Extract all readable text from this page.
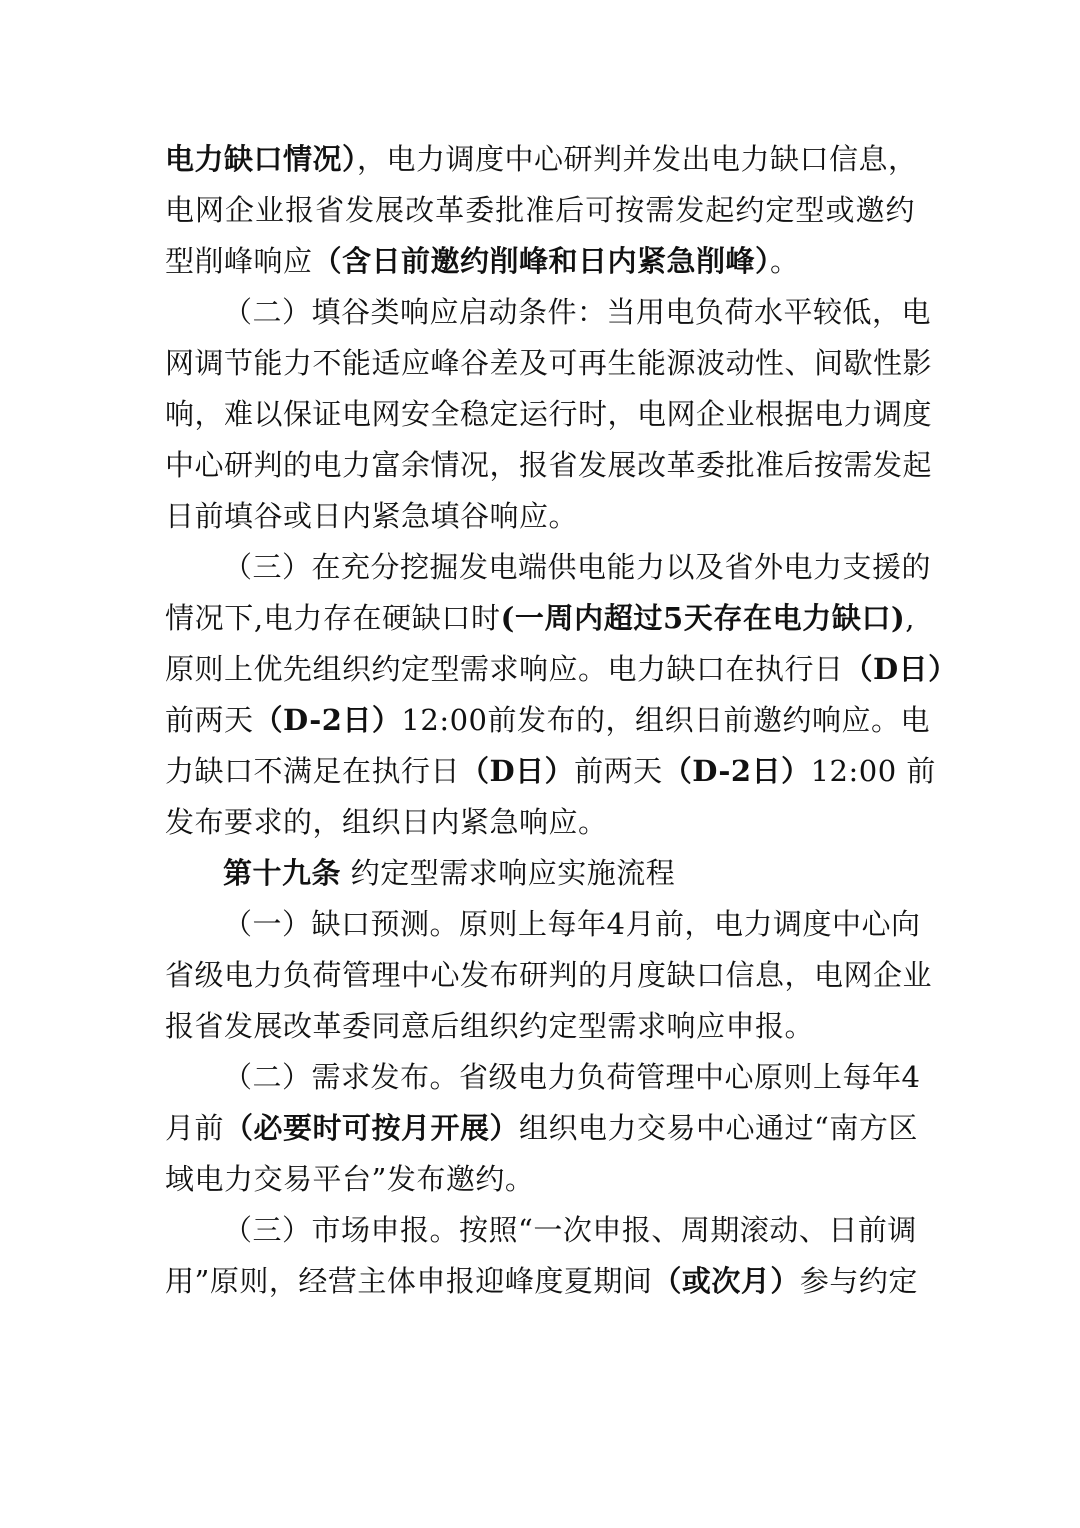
电力缺口情况），电力调度中心研判并发出电力缺口信息，
电网企业报省发展改革委批准后可按需发起约定型或邀约
型削峰响应（含日前邀约削峰和日内紧急削峰）。
（二）填谷类响应启动条件：当用电负荷水平较低，电
网调节能力不能适应峰谷差及可再生能源波动性、间歇性影
响，难以保证电网安全稳定运行时，电网企业根据电力调度
中心研判的电力富余情况，报省发展改革委批准后按需发起
日前填谷或日内紧急填谷响应。
（三）在充分挖掘发电端供电能力以及省外电力支援的
情况下,电力存在硬缺口时(一周内超过5天存在电力缺口),
原则上优先组织约定型需求响应。电力缺口在执行日（D日）
前两天（D-2日）12:00前发布的，组织日前邀约响应。电
力缺口不满足在执行日（D日）前两天（D-2日）12:00 前
发布要求的，组织日内紧急响应。
第十九条 约定型需求响应实施流程
（一）缺口预测。原则上每年4月前，电力调度中心向
省级电力负荷管理中心发布研判的月度缺口信息，电网企业
报省发展改革委同意后组织约定型需求响应申报。
（二）需求发布。省级电力负荷管理中心原则上每年4
月前（必要时可按月开展）组织电力交易中心通过“南方区
域电力交易平台”发布邀约。
（三）市场申报。按照“一次申报、周期滚动、日前调
用”原则，经营主体申报迎峰度夏期间（或次月）参与约定
